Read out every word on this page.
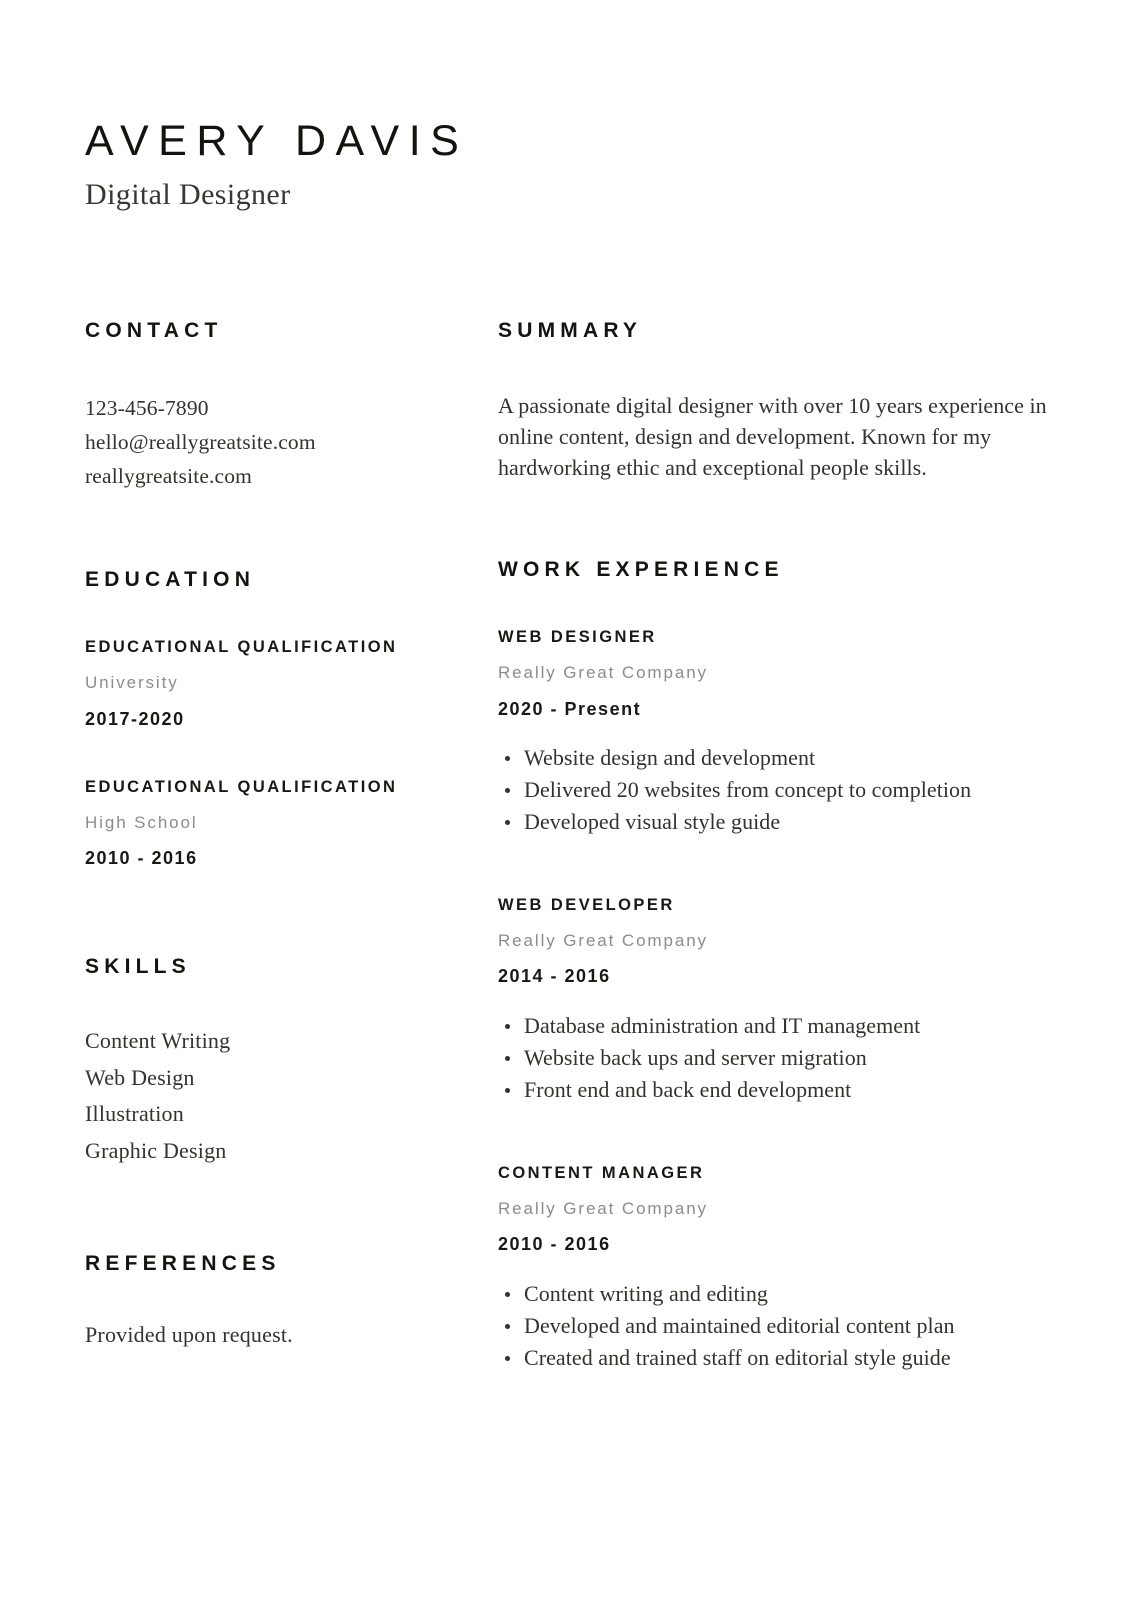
AVERY DAVIS
Digital Designer
CONTACT
123-456-7890
hello@reallygreatsite.com
reallygreatsite.com
EDUCATION
EDUCATIONAL QUALIFICATION
University
2017-2020
EDUCATIONAL QUALIFICATION
High School
2010 - 2016
SKILLS
Content Writing
Web Design
Illustration
Graphic Design
REFERENCES

Provided upon request.

SUMMARY

A passionate digital designer with over 10 years experience in online content, design and development. Known for my hardworking ethic and exceptional people skills.

WORK EXPERIENCE
WEB DESIGNER
Really Great Company
2020 - Present
Website design and development
Delivered 20 websites from concept to completion
Developed visual style guide
WEB DEVELOPER
Really Great Company
2014 - 2016
Database administration and IT management
Website back ups and server migration
Front end and back end development
CONTENT MANAGER
Really Great Company
2010 - 2016
Content writing and editing
Developed and maintained editorial content plan
Created and trained staff on editorial style guide
